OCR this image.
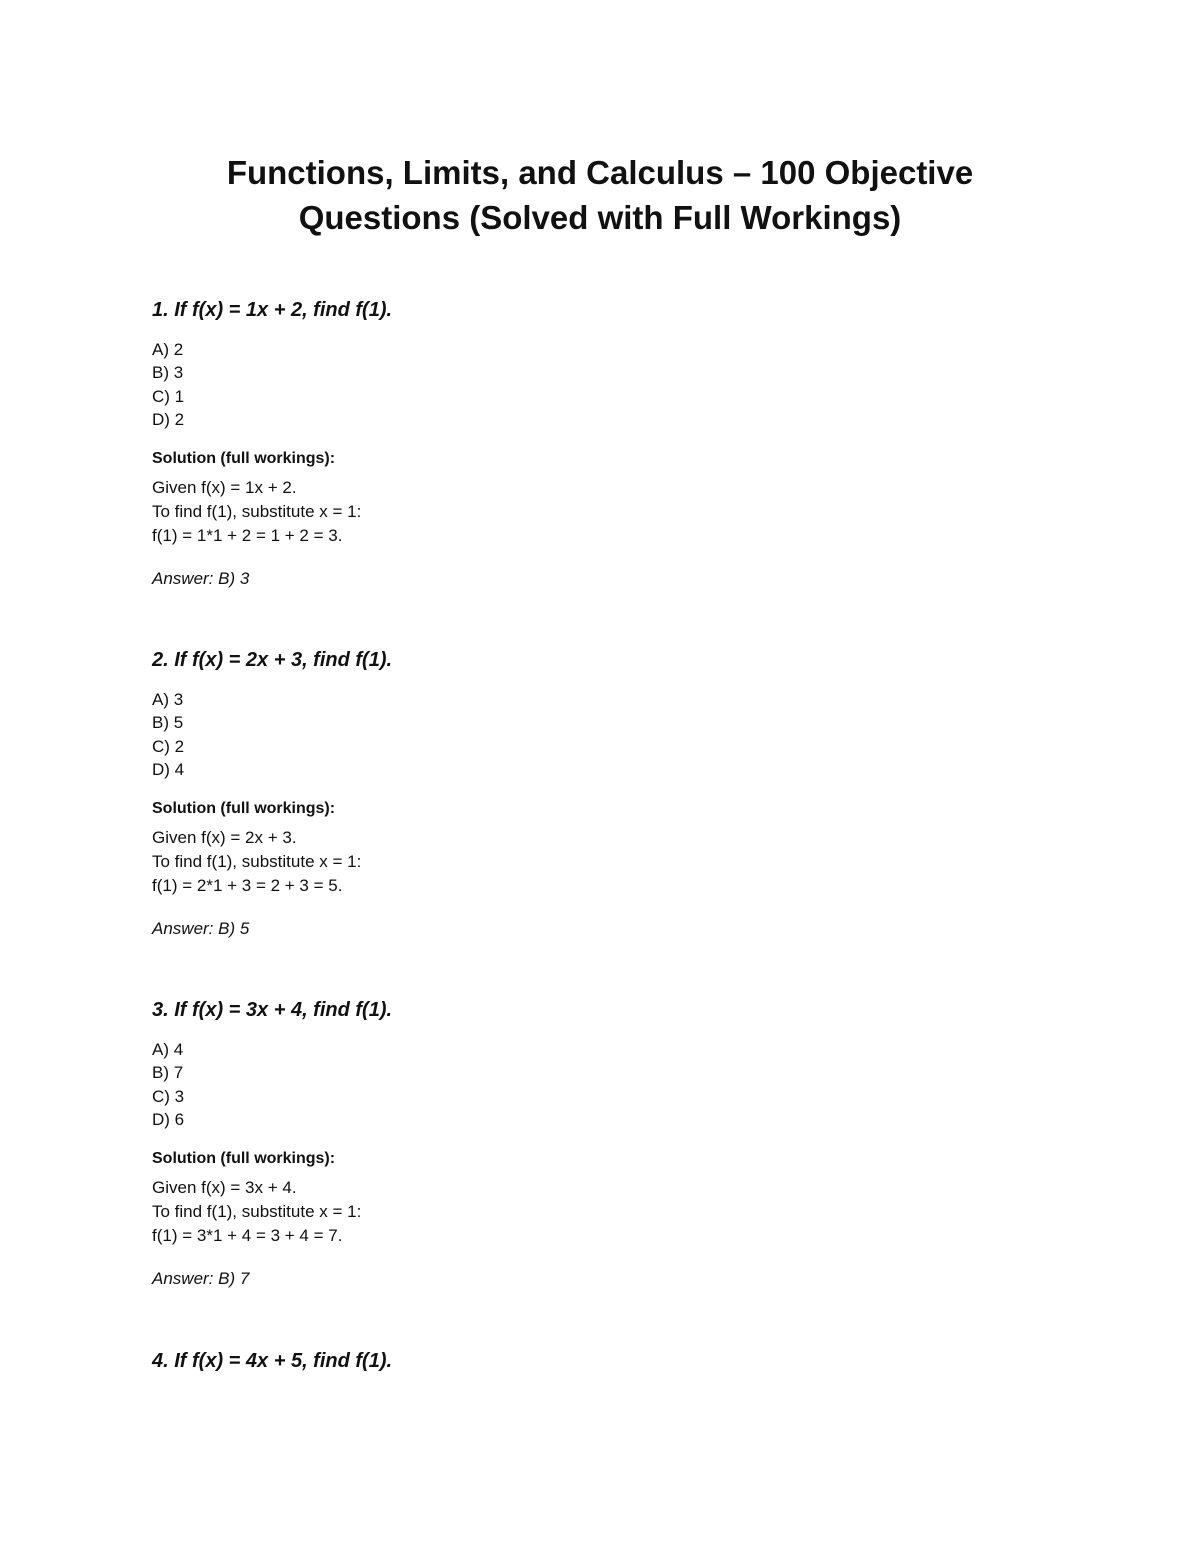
Functions, Limits, and Calculus – 100 Objective
Questions (Solved with Full Workings)

1. If f(x) = 1x + 2, find f(1).

A) 2
B) 3
C) 1
D) 2

Solution (full workings):

Given f(x) = 1x + 2.
To find f(1), substitute x = 1:
f(1) = 1*1 + 2 = 1 + 2 = 3.

Answer: B) 3

2. If f(x) = 2x + 3, find f(1).

A) 3
B) 5
C) 2
D) 4

Solution (full workings):

Given f(x) = 2x + 3.
To find f(1), substitute x = 1:
f(1) = 2*1 + 3 = 2 + 3 = 5.

Answer: B) 5

3. If f(x) = 3x + 4, find f(1).

A) 4
B) 7
C) 3
D) 6

Solution (full workings):

Given f(x) = 3x + 4.
To find f(1), substitute x = 1:
f(1) = 3*1 + 4 = 3 + 4 = 7.

Answer: B) 7

4. If f(x) = 4x + 5, find f(1).
